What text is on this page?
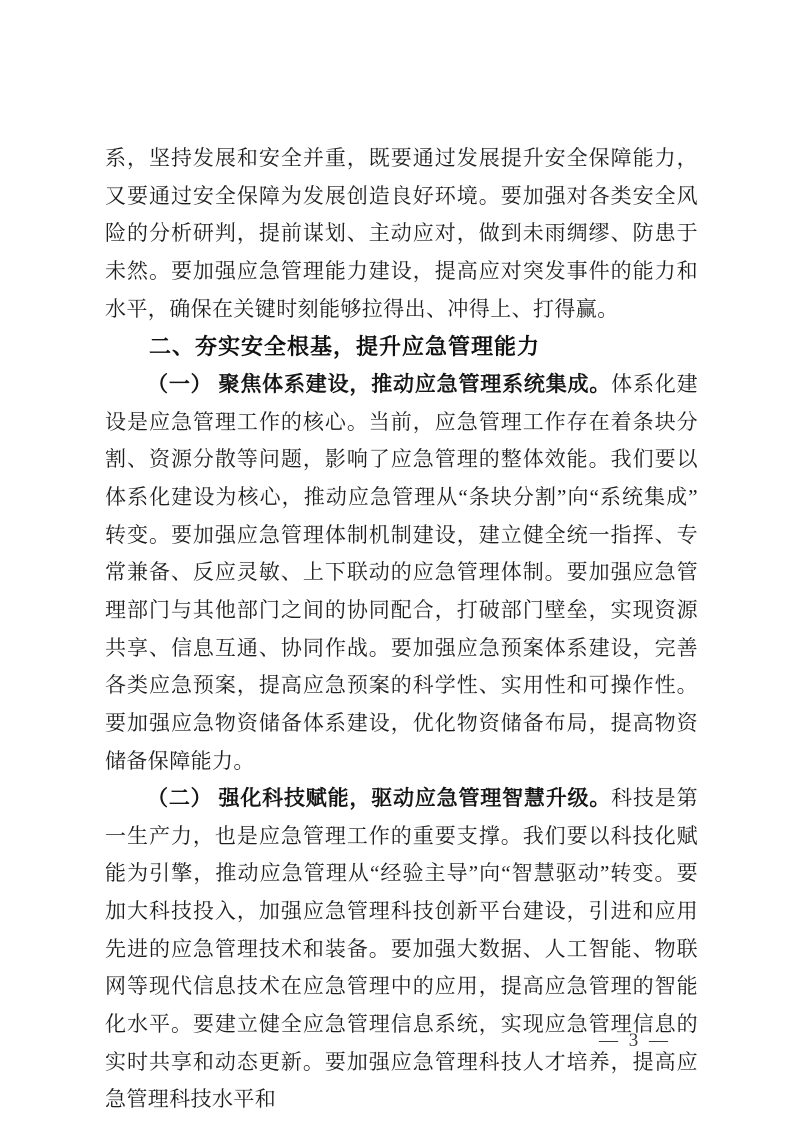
系，坚持发展和安全并重，既要通过发展提升安全保障能力，又要通过安全保障为发展创造良好环境。要加强对各类安全风险的分析研判，提前谋划、主动应对，做到未雨绸缪、防患于未然。要加强应急管理能力建设，提高应对突发事件的能力和水平，确保在关键时刻能够拉得出、冲得上、打得赢。

二、夯实安全根基，提升应急管理能力

（一） 聚焦体系建设，推动应急管理系统集成。体系化建设是应急管理工作的核心。当前，应急管理工作存在着条块分割、资源分散等问题，影响了应急管理的整体效能。我们要以体系化建设为核心，推动应急管理从“条块分割”向“系统集成”转变。要加强应急管理体制机制建设，建立健全统一指挥、专常兼备、反应灵敏、上下联动的应急管理体制。要加强应急管理部门与其他部门之间的协同配合，打破部门壁垒，实现资源共享、信息互通、协同作战。要加强应急预案体系建设，完善各类应急预案，提高应急预案的科学性、实用性和可操作性。要加强应急物资储备体系建设，优化物资储备布局，提高物资储备保障能力。

（二） 强化科技赋能，驱动应急管理智慧升级。科技是第一生产力，也是应急管理工作的重要支撑。我们要以科技化赋能为引擎，推动应急管理从“经验主导”向“智慧驱动”转变。要加大科技投入，加强应急管理科技创新平台建设，引进和应用先进的应急管理技术和装备。要加强大数据、人工智能、物联网等现代信息技术在应急管理中的应用，提高应急管理的智能化水平。要建立健全应急管理信息系统，实现应急管理信息的实时共享和动态更新。要加强应急管理科技人才培养，提高应急管理科技水平和

— 3 —
